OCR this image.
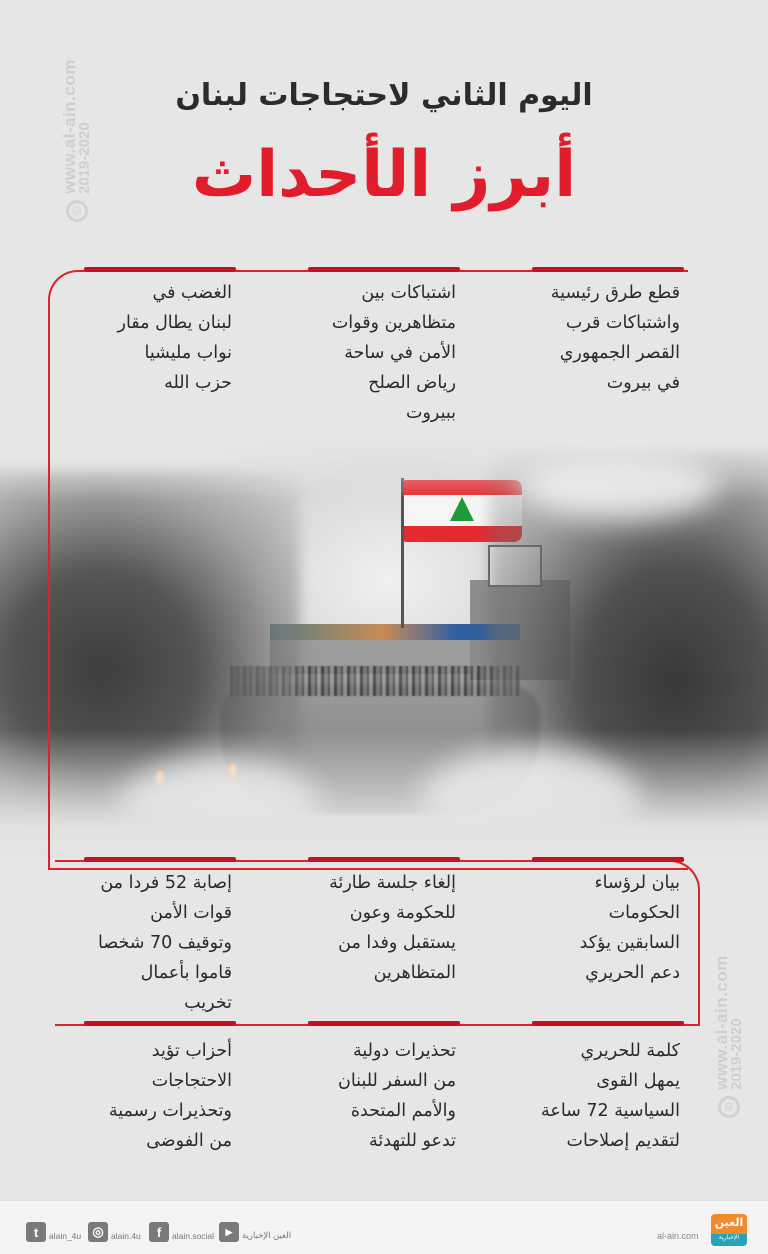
©
www.al-ain.com
2019-2020
©
www.al-ain.com
2019-2020
اليوم الثاني لاحتجاجات لبنان
أبرز الأحداث
قطع طرق رئيسية
واشتباكات قرب
القصر الجمهوري
في بيروت
اشتباكات بين
متظاهرين وقوات
الأمن في ساحة
رياض الصلح
ببيروت
الغضب في
لبنان يطال مقار
نواب مليشيا
حزب الله
بيان لرؤساء
الحكومات
السابقين يؤكد
دعم الحريري
إلغاء جلسة طارئة
للحكومة وعون
يستقبل وفدا من
المتظاهرين
إصابة 52 فردا من
قوات الأمن
وتوقيف 70 شخصا
قاموا بأعمال
تخريب
كلمة للحريري
يمهل القوى
السياسية 72 ساعة
لتقديم إصلاحات
تحذيرات دولية
من السفر للبنان
والأمم المتحدة
تدعو للتهدئة
أحزاب تؤيد
الاحتجاجات
وتحذيرات رسمية
من الفوضى
t	alain_4u ◎ alain.4u	f	alain.social	▶	العين الإخبارية	al-ain.com
العين
الإخبارية
